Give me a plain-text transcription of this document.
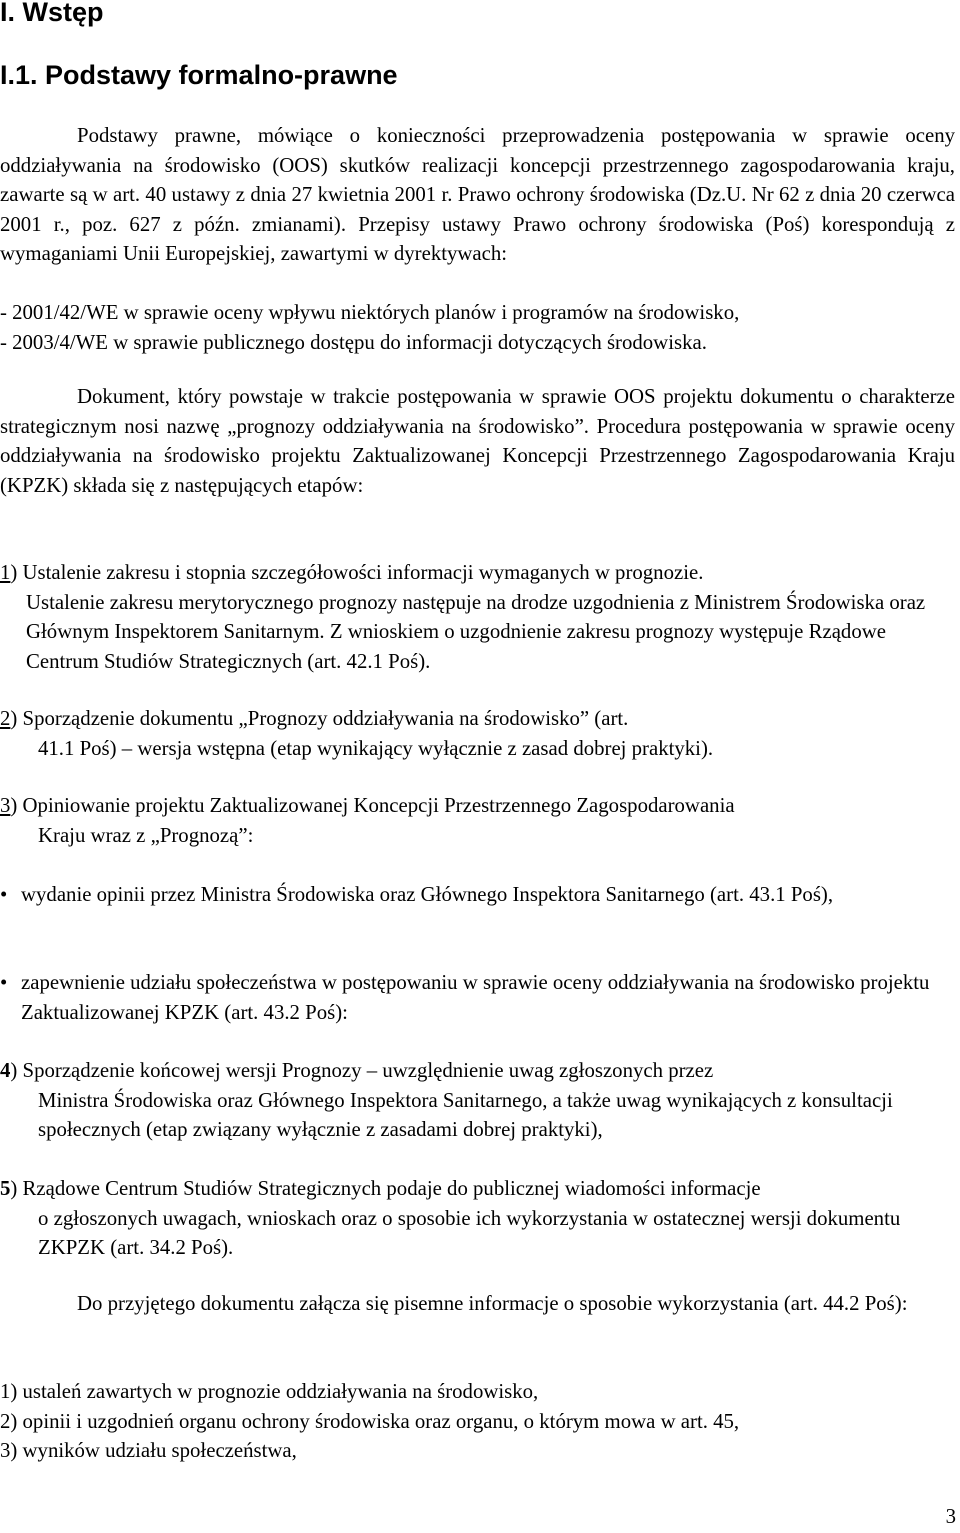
I. Wstęp
I.1. Podstawy formalno-prawne

Podstawy prawne, mówiące o konieczności przeprowadzenia postępowania w sprawie oceny oddziaływania na środowisko (OOS) skutków realizacji koncepcji przestrzennego zagospodarowania kraju, zawarte są w art. 40 ustawy z dnia 27 kwietnia 2001 r. Prawo ochrony środowiska (Dz.U. Nr 62 z dnia 20 czerwca 2001 r., poz. 627 z późn. zmianami). Przepisy ustawy Prawo ochrony środowiska (Poś) korespondują z wymaganiami Unii Europejskiej, zawartymi w dyrektywach:

- 2001/42/WE w sprawie oceny wpływu niektórych planów i programów na środowisko,
- 2003/4/WE w sprawie publicznego dostępu do informacji dotyczących środowiska.

Dokument, który powstaje w trakcie postępowania w sprawie OOS projektu dokumentu o charakterze strategicznym nosi nazwę „prognozy oddziaływania na środowisko”. Procedura postępowania w sprawie oceny oddziaływania na środowisko projektu Zaktualizowanej Koncepcji Przestrzennego Zagospodarowania Kraju (KPZK) składa się z następujących etapów:

1) Ustalenie zakresu i stopnia szczegółowości informacji wymaganych w prognozie.
Ustalenie zakresu merytorycznego prognozy następuje na drodze uzgodnienia z Ministrem Środowiska oraz Głównym Inspektorem Sanitarnym. Z wnioskiem o uzgodnienie zakresu prognozy występuje Rządowe Centrum Studiów Strategicznych (art. 42.1 Poś).
2) Sporządzenie dokumentu „Prognozy oddziaływania na środowisko” (art.
41.1 Poś) – wersja wstępna (etap wynikający wyłącznie z zasad dobrej praktyki).
3) Opiniowanie projektu Zaktualizowanej Koncepcji Przestrzennego Zagospodarowania
Kraju wraz z „Prognozą”:
• wydanie opinii przez Ministra Środowiska oraz Głównego Inspektora Sanitarnego (art. 43.1 Poś),
• zapewnienie udziału społeczeństwa w postępowaniu w sprawie oceny oddziaływania na środowisko projektu Zaktualizowanej KPZK (art. 43.2 Poś):
4) Sporządzenie końcowej wersji Prognozy – uwzględnienie uwag zgłoszonych przez
Ministra Środowiska oraz Głównego Inspektora Sanitarnego, a także uwag wynikających z konsultacji społecznych (etap związany wyłącznie z zasadami dobrej praktyki),
5) Rządowe Centrum Studiów Strategicznych podaje do publicznej wiadomości informacje
o zgłoszonych uwagach, wnioskach oraz o sposobie ich wykorzystania w ostatecznej wersji dokumentu ZKPZK (art. 34.2 Poś).

Do przyjętego dokumentu załącza się pisemne informacje o sposobie wykorzystania (art. 44.2 Poś):

1) ustaleń zawartych w prognozie oddziaływania na środowisko,
2) opinii i uzgodnień organu ochrony środowiska oraz organu, o którym mowa w art. 45,
3) wyników udziału społeczeństwa,
3
